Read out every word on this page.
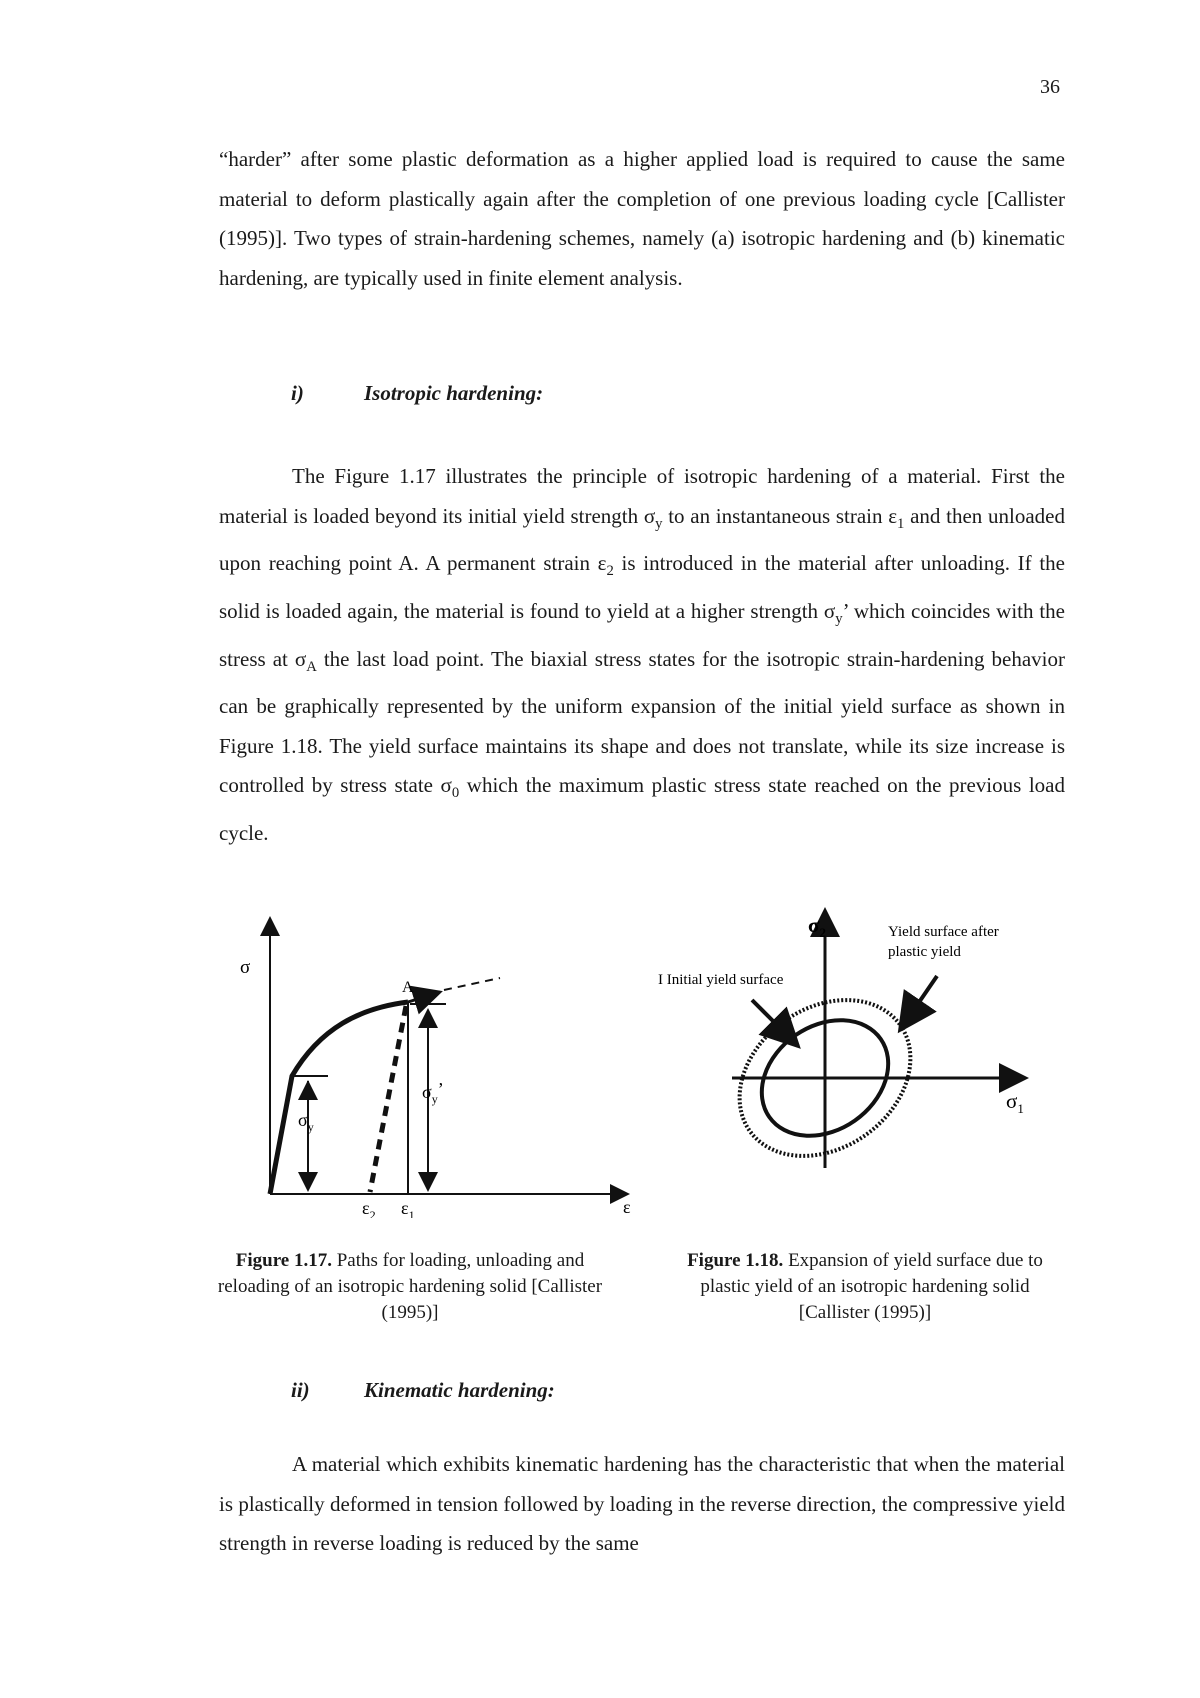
36

“harder” after some plastic deformation as a higher applied load is required to cause the same material to deform plastically again after the completion of one previous loading cycle [Callister (1995)]. Two types of strain-hardening schemes, namely (a) isotropic hardening and (b) kinematic hardening, are typically used in finite element analysis.

i)	Isotropic hardening:

The Figure 1.17 illustrates the principle of isotropic hardening of a material. First the material is loaded beyond its initial yield strength $\sigma_y$ to an instantaneous strain $\varepsilon_1$ and then unloaded upon reaching point A. A permanent strain $\varepsilon_2$ is introduced in the material after unloading. If the solid is loaded again, the material is found to yield at a higher strength $\sigma_y$’ which coincides with the stress at $\sigma_A$ the last load point. The biaxial stress states for the isotropic strain-hardening behavior can be graphically represented by the uniform expansion of the initial yield surface as shown in Figure 1.18. The yield surface maintains its shape and does not translate, while its size increase is controlled by stress state $\sigma_0$ which the maximum plastic stress state reached on the previous load cycle.

σ
ε
A
$\sigma_y$
$\sigma_y$’
$\varepsilon_2$ $\varepsilon_1$
$\sigma_2$
$\sigma_1$
I Initial yield surface
Yield surface after
plastic yield
Figure 1.17. Paths for loading, unloading and reloading of an isotropic hardening solid [Callister (1995)]
Figure 1.18. Expansion of yield surface due to plastic yield of an isotropic hardening solid [Callister (1995)]
ii)	Kinematic hardening:

A material which exhibits kinematic hardening has the characteristic that when the material is plastically deformed in tension followed by loading in the reverse direction, the compressive yield strength in reverse loading is reduced by the same
